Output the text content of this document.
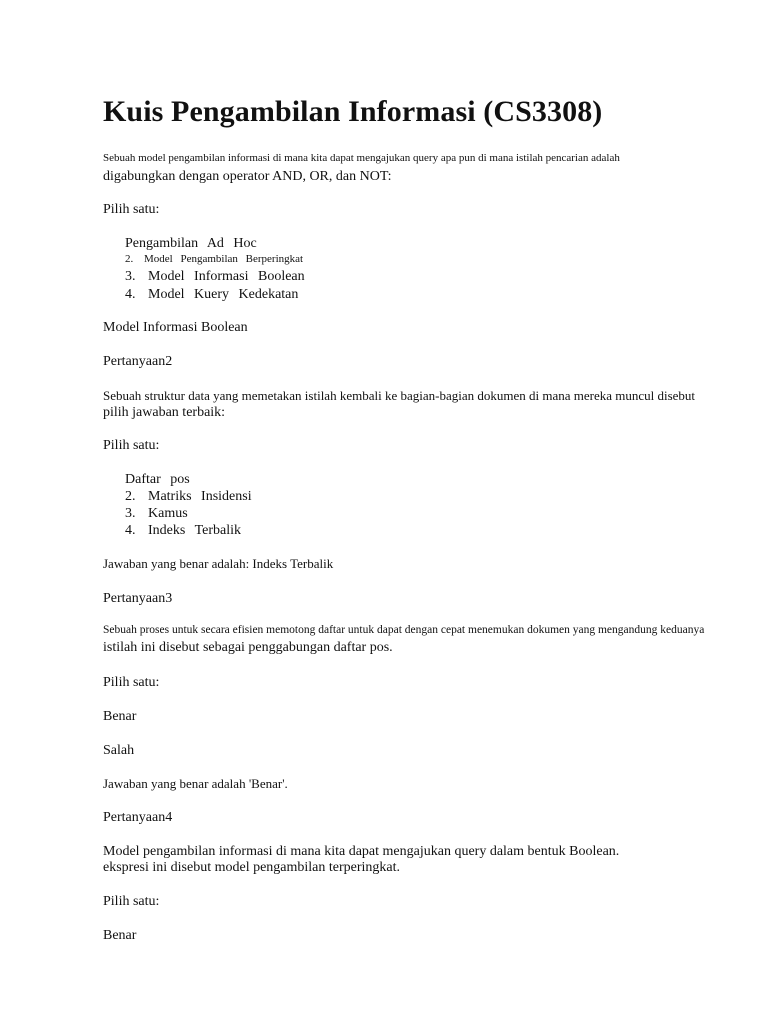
Kuis Pengambilan Informasi (CS3308)
Sebuah model pengambilan informasi di mana kita dapat mengajukan query apa pun di mana istilah pencarian adalah
digabungkan dengan operator AND, OR, dan NOT:
Pilih satu:
Pengambilan Ad Hoc
2. Model Pengambilan Berperingkat
3. Model Informasi Boolean
4. Model Kuery Kedekatan
Model Informasi Boolean
Pertanyaan2
Sebuah struktur data yang memetakan istilah kembali ke bagian-bagian dokumen di mana mereka muncul disebut
pilih jawaban terbaik:
Pilih satu:
Daftar pos
2. Matriks Insidensi
3. Kamus
4. Indeks Terbalik
Jawaban yang benar adalah: Indeks Terbalik
Pertanyaan3
Sebuah proses untuk secara efisien memotong daftar untuk dapat dengan cepat menemukan dokumen yang mengandung keduanya
istilah ini disebut sebagai penggabungan daftar pos.
Pilih satu:
Benar
Salah
Jawaban yang benar adalah 'Benar'.
Pertanyaan4
Model pengambilan informasi di mana kita dapat mengajukan query dalam bentuk Boolean.
ekspresi ini disebut model pengambilan terperingkat.
Pilih satu:
Benar
